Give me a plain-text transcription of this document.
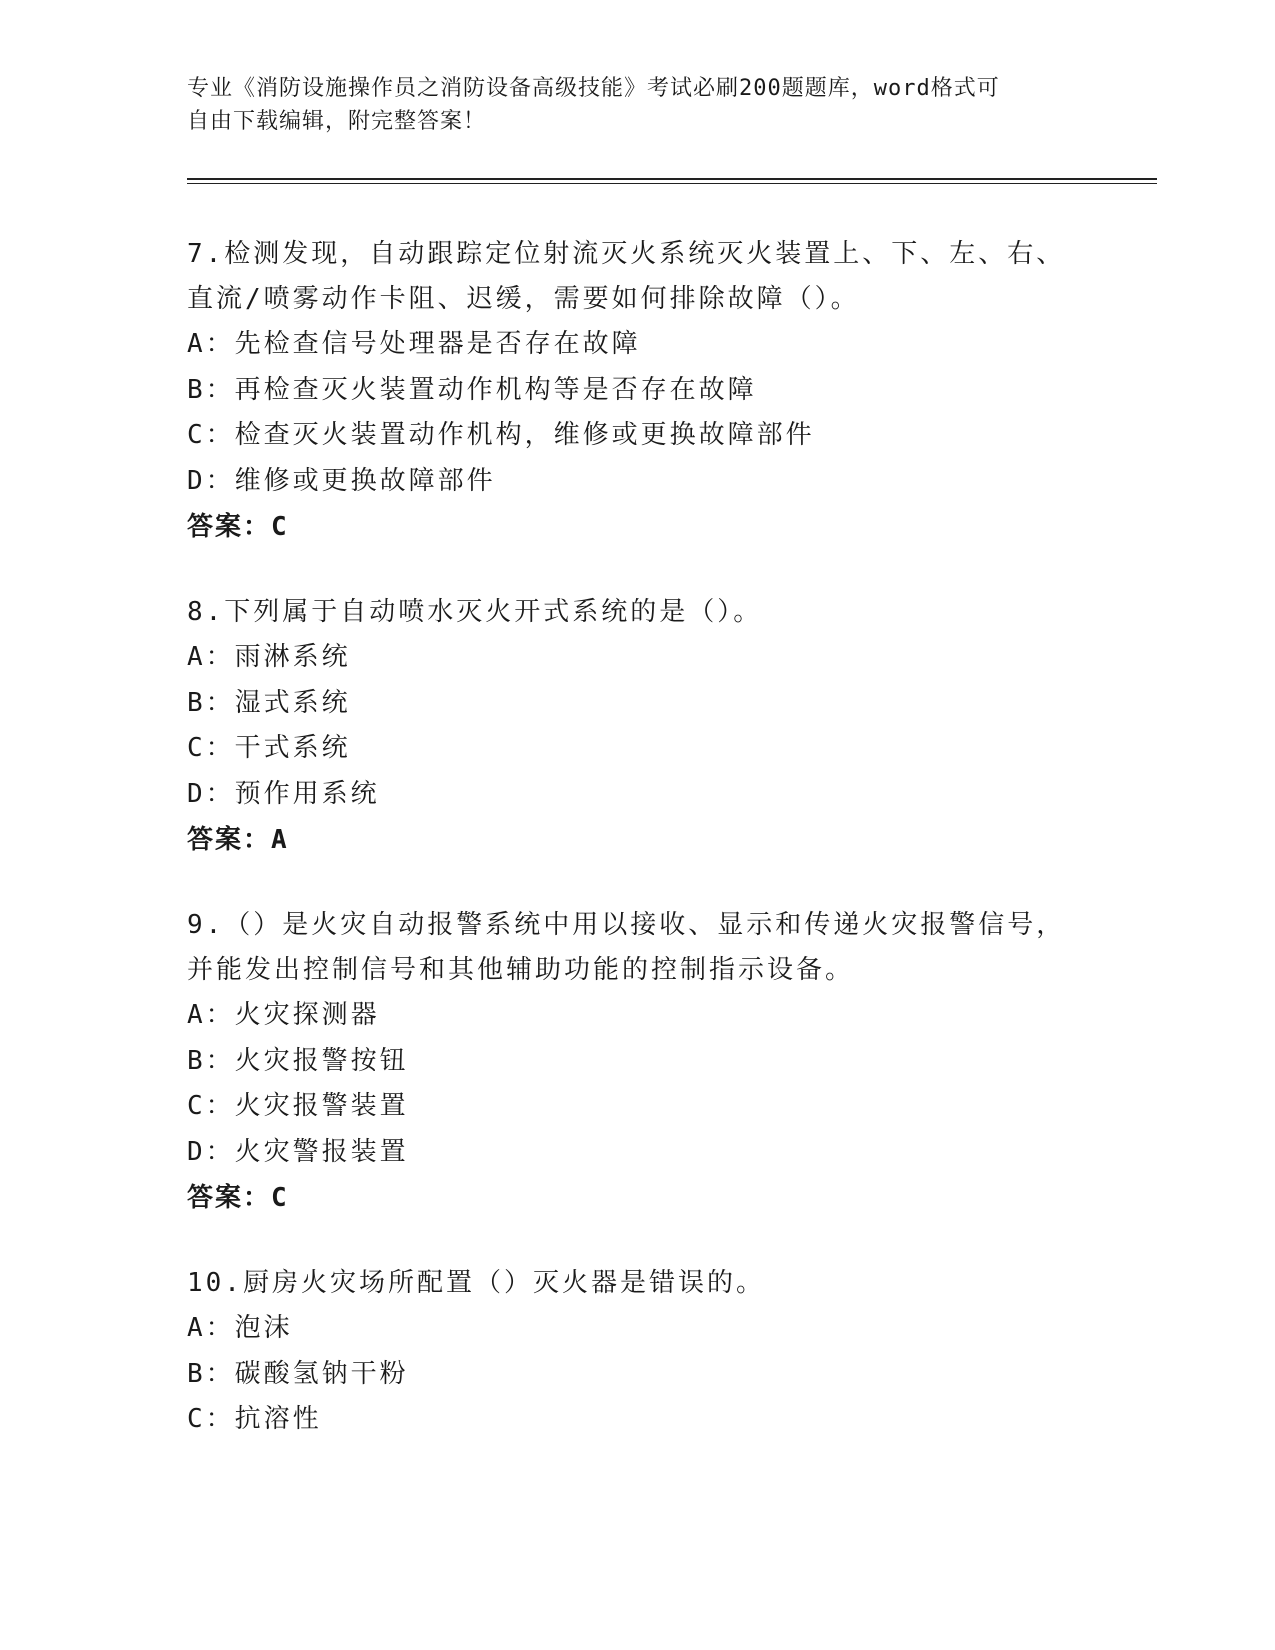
专业《消防设施操作员之消防设备高级技能》考试必刷200题题库，word格式可
自由下载编辑，附完整答案！
7.检测发现，自动跟踪定位射流灭火系统灭火装置上、下、左、右、
直流/喷雾动作卡阻、迟缓，需要如何排除故障（）。
A：先检查信号处理器是否存在故障
B：再检查灭火装置动作机构等是否存在故障
C：检查灭火装置动作机构，维修或更换故障部件
D：维修或更换故障部件
答案：C
8.下列属于自动喷水灭火开式系统的是（）。
A：雨淋系统
B：湿式系统
C：干式系统
D：预作用系统
答案：A
9.（）是火灾自动报警系统中用以接收、显示和传递火灾报警信号，
并能发出控制信号和其他辅助功能的控制指示设备。
A：火灾探测器
B：火灾报警按钮
C：火灾报警装置
D：火灾警报装置
答案：C
10.厨房火灾场所配置（）灭火器是错误的。
A：泡沫
B：碳酸氢钠干粉
C：抗溶性
